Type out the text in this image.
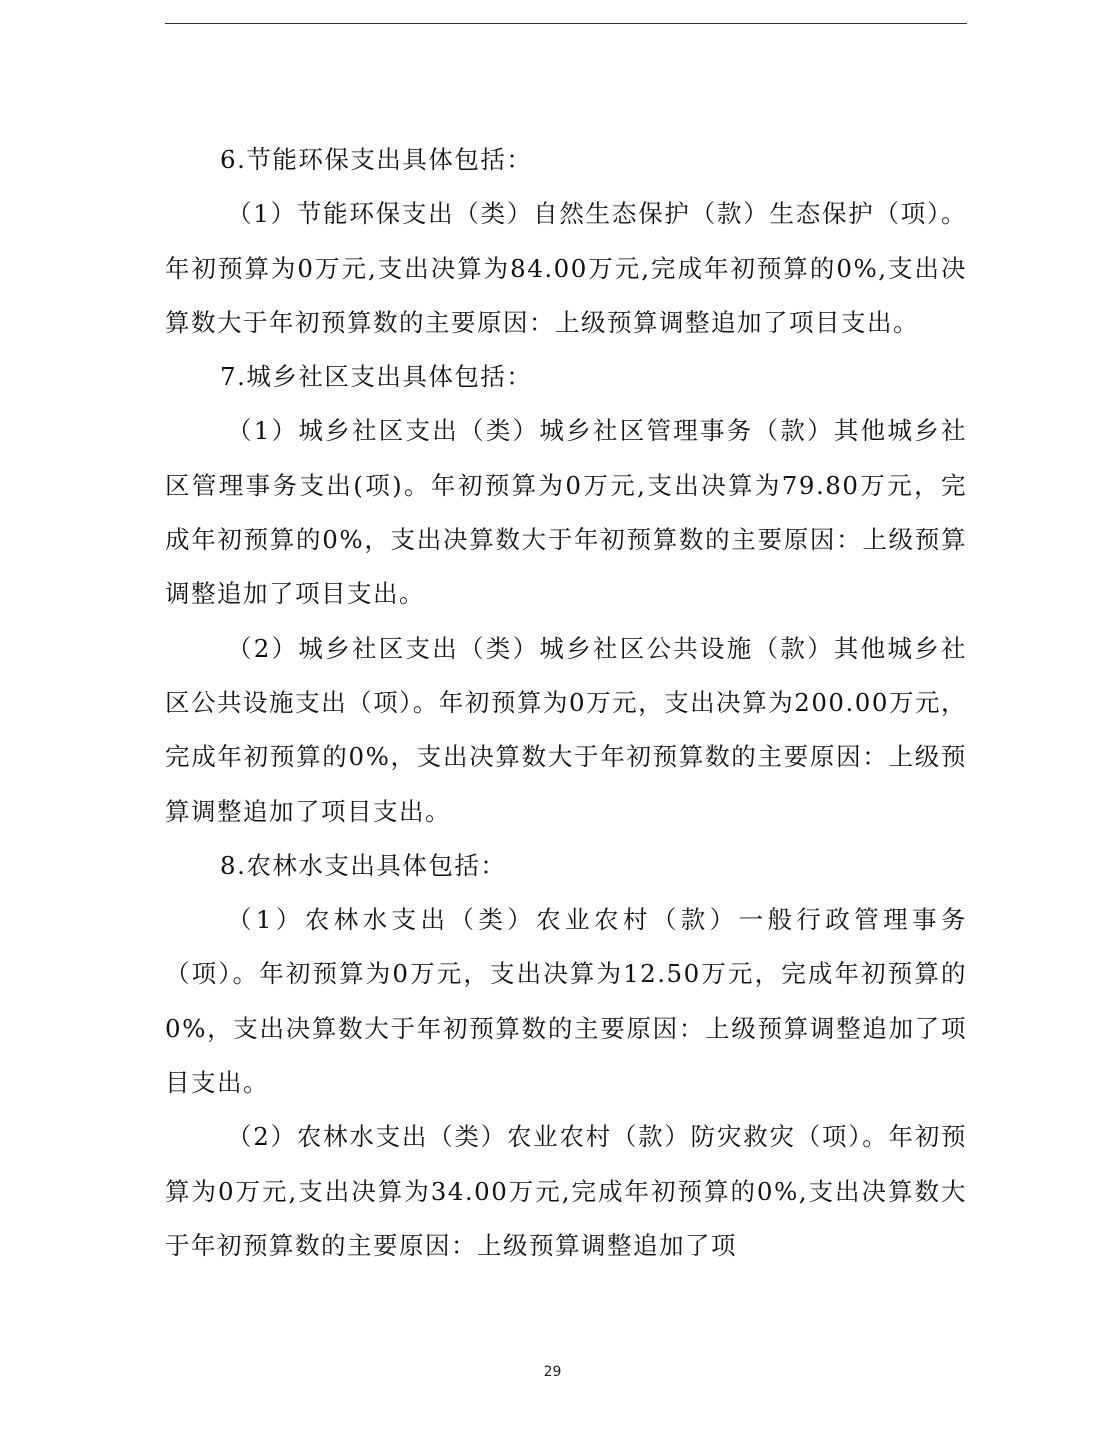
6.节能环保支出具体包括：

（1）节能环保支出（类）自然生态保护（款）生态保护（项）。年初预算为0万元,支出决算为84.00万元,完成年初预算的0%,支出决算数大于年初预算数的主要原因：上级预算调整追加了项目支出。

7.城乡社区支出具体包括：

（1）城乡社区支出（类）城乡社区管理事务（款）其他城乡社区管理事务支出(项)。年初预算为0万元,支出决算为79.80万元，完成年初预算的0%，支出决算数大于年初预算数的主要原因：上级预算调整追加了项目支出。

（2）城乡社区支出（类）城乡社区公共设施（款）其他城乡社区公共设施支出（项）。年初预算为0万元，支出决算为200.00万元，完成年初预算的0%，支出决算数大于年初预算数的主要原因：上级预算调整追加了项目支出。

8.农林水支出具体包括：

（1）农林水支出（类）农业农村（款）一般行政管理事务（项）。年初预算为0万元，支出决算为12.50万元，完成年初预算的0%，支出决算数大于年初预算数的主要原因：上级预算调整追加了项目支出。

（2）农林水支出（类）农业农村（款）防灾救灾（项）。年初预算为0万元,支出决算为34.00万元,完成年初预算的0%,支出决算数大于年初预算数的主要原因：上级预算调整追加了项

29
